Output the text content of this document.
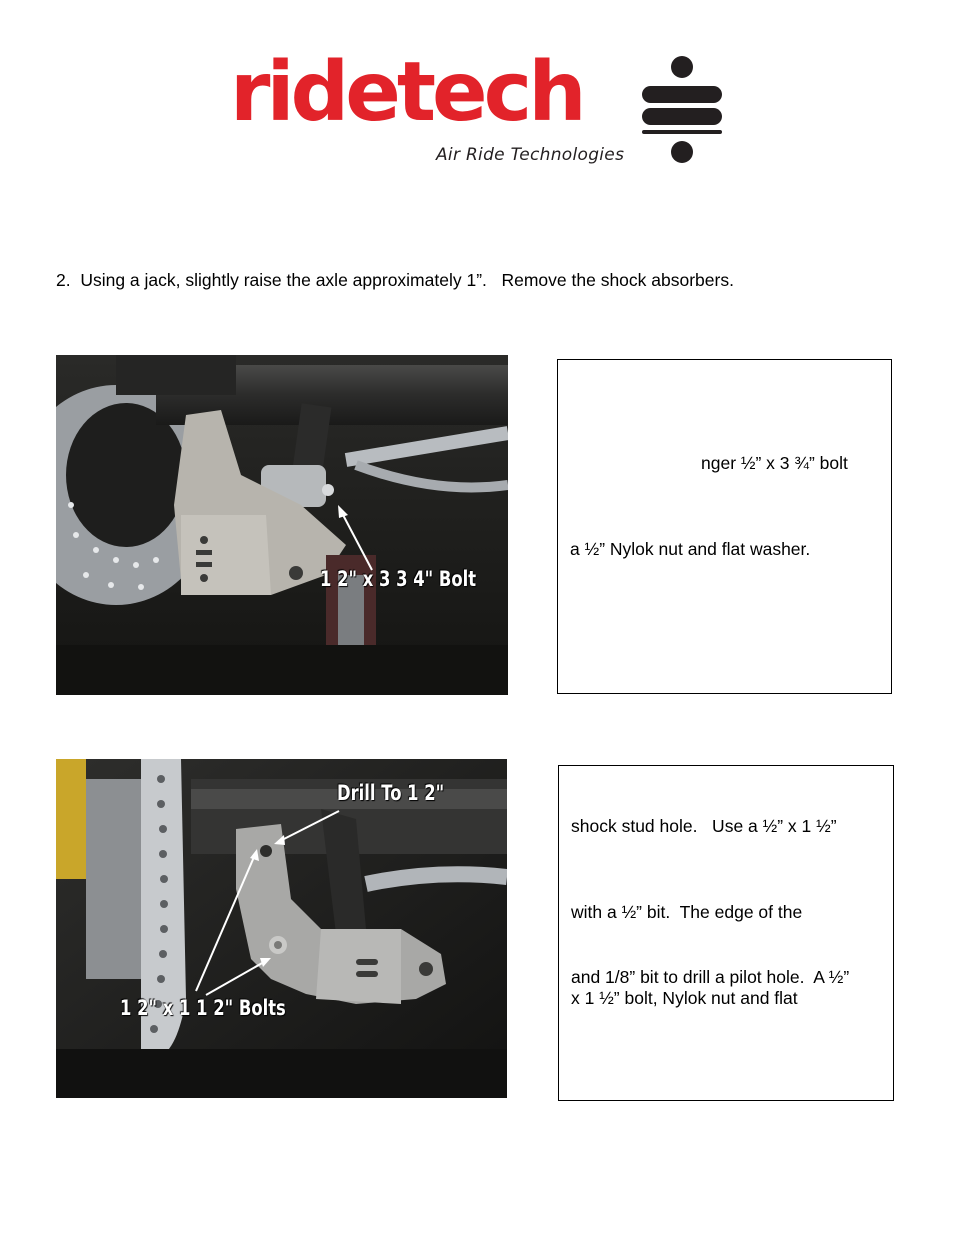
ridetech
Air Ride Technologies
2.  Using a jack, slightly raise the axle approximately 1”.   Remove the shock absorbers.
1 2" x 3 3 4" Bolt
nger ½” x 3 ¾” bolt
a ½” Nylok nut and flat washer.
Drill To 1 2"
1 2" x 1 1 2" Bolts
shock stud hole.   Use a ½” x 1 ½”
with a ½” bit.  The edge of the
and 1/8” bit to drill a pilot hole.  A ½”
x 1 ½” bolt, Nylok nut and flat
